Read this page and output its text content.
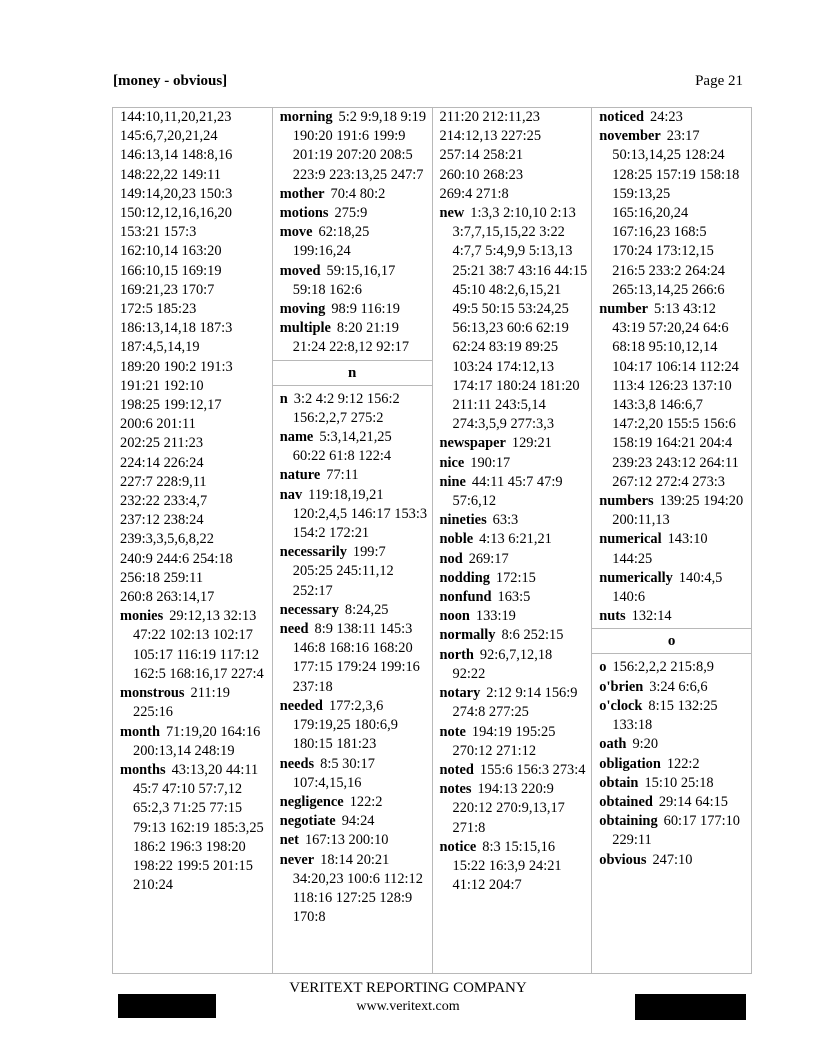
[money - obvious]	Page 21
144:10,11,20,21,23
145:6,7,20,21,24
146:13,14 148:8,16
148:22,22 149:11
149:14,20,23 150:3
150:12,12,16,16,20
153:21 157:3
162:10,14 163:20
166:10,15 169:19
169:21,23 170:7
172:5 185:23
186:13,14,18 187:3
187:4,5,14,19
189:20 190:2 191:3
191:21 192:10
198:25 199:12,17
200:6 201:11
202:25 211:23
224:14 226:24
227:7 228:9,11
232:22 233:4,7
237:12 238:24
239:3,3,5,6,8,22
240:9 244:6 254:18
256:18 259:11
260:8 263:14,17
monies 29:12,13 32:13 47:22 102:13 102:17 105:17 116:19 117:12 162:5 168:16,17 227:4
monstrous 211:19 225:16
month 71:19,20 164:16 200:13,14 248:19
months 43:13,20 44:11 45:7 47:10 57:7,12 65:2,3 71:25 77:15 79:13 162:19 185:3,25 186:2 196:3 198:20 198:22 199:5 201:15 210:24
morning 5:2 9:9,18 9:19 190:20 191:6 199:9 201:19 207:20 208:5 223:9 223:13,25 247:7
mother 70:4 80:2
motions 275:9
move 62:18,25 199:16,24
moved 59:15,16,17 59:18 162:6
moving 98:9 116:19
multiple 8:20 21:19 21:24 22:8,12 92:17
n
n 3:2 4:2 9:12 156:2 156:2,2,7 275:2
name 5:3,14,21,25 60:22 61:8 122:4
nature 77:11
nav 119:18,19,21 120:2,4,5 146:17 153:3 154:2 172:21
necessarily 199:7 205:25 245:11,12 252:17
necessary 8:24,25
need 8:9 138:11 145:3 146:8 168:16 168:20 177:15 179:24 199:16 237:18
needed 177:2,3,6 179:19,25 180:6,9 180:15 181:23
needs 8:5 30:17 107:4,15,16
negligence 122:2
negotiate 94:24
net 167:13 200:10
never 18:14 20:21 34:20,23 100:6 112:12 118:16 127:25 128:9 170:8
211:20 212:11,23
214:12,13 227:25
257:14 258:21
260:10 268:23
269:4 271:8
new 1:3,3 2:10,10 2:13 3:7,7,15,15,22 3:22 4:7,7 5:4,9,9 5:13,13 25:21 38:7 43:16 44:15 45:10 48:2,6,15,21 49:5 50:15 53:24,25 56:13,23 60:6 62:19 62:24 83:19 89:25 103:24 174:12,13 174:17 180:24 181:20 211:11 243:5,14 274:3,5,9 277:3,3
newspaper 129:21
nice 190:17
nine 44:11 45:7 47:9 57:6,12
nineties 63:3
noble 4:13 6:21,21
nod 269:17
nodding 172:15
nonfund 163:5
noon 133:19
normally 8:6 252:15
north 92:6,7,12,18 92:22
notary 2:12 9:14 156:9 274:8 277:25
note 194:19 195:25 270:12 271:12
noted 155:6 156:3 273:4
notes 194:13 220:9 220:12 270:9,13,17 271:8
notice 8:3 15:15,16 15:22 16:3,9 24:21 41:12 204:7
noticed 24:23
november 23:17 50:13,14,25 128:24 128:25 157:19 158:18 159:13,25 165:16,20,24 167:16,23 168:5 170:24 173:12,15 216:5 233:2 264:24 265:13,14,25 266:6
number 5:13 43:12 43:19 57:20,24 64:6 68:18 95:10,12,14 104:17 106:14 112:24 113:4 126:23 137:10 143:3,8 146:6,7 147:2,20 155:5 156:6 158:19 164:21 204:4 239:23 243:12 264:11 267:12 272:4 273:3
numbers 139:25 194:20 200:11,13
numerical 143:10 144:25
numerically 140:4,5 140:6
nuts 132:14
o
o 156:2,2,2 215:8,9
o'brien 3:24 6:6,6
o'clock 8:15 132:25 133:18
oath 9:20
obligation 122:2
obtain 15:10 25:18
obtained 29:14 64:15
obtaining 60:17 177:10 229:11
obvious 247:10
VERITEXT REPORTING COMPANY
www.veritext.com
